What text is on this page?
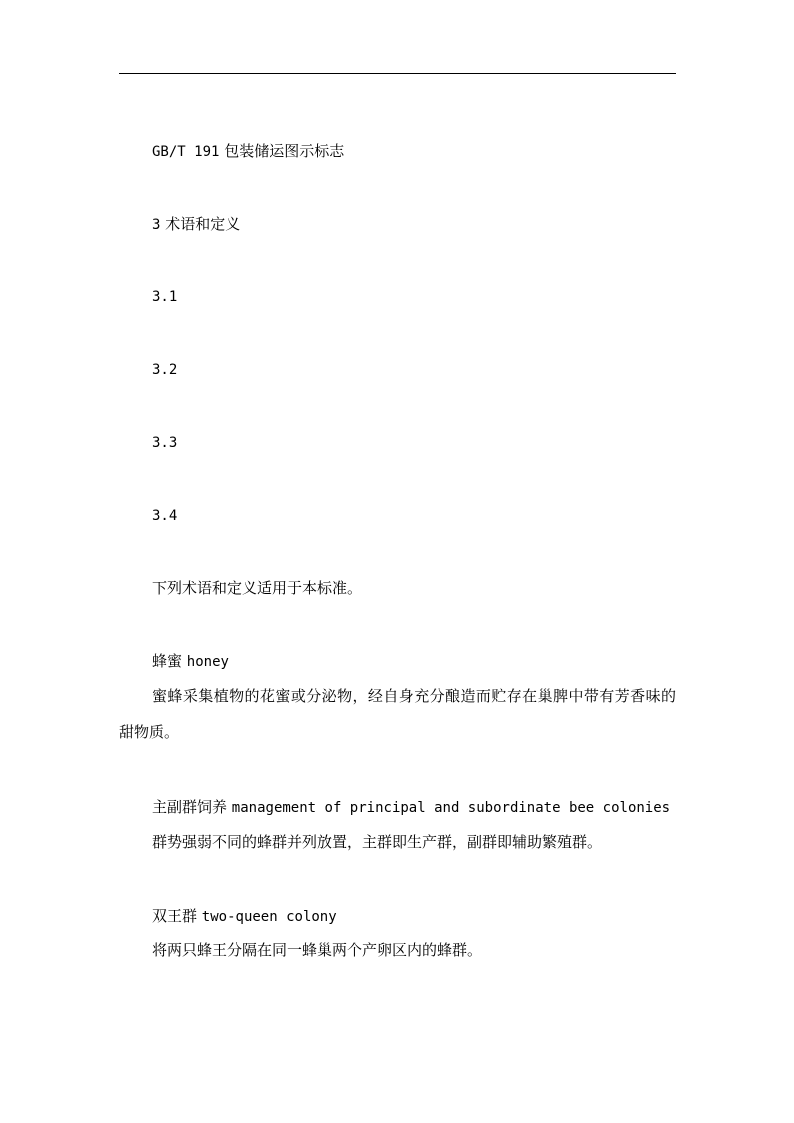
GB/T 191 包装储运图示标志
3 术语和定义
3.1
3.2
3.3
3.4
下列术语和定义适用于本标准。
蜂蜜 honey

蜜蜂采集植物的花蜜或分泌物，经自身充分酿造而贮存在巢脾中带有芳香味的甜物质。

主副群饲养 management of principal and subordinate bee colonies

群势强弱不同的蜂群并列放置，主群即生产群，副群即辅助繁殖群。

双王群 two-queen colony

将两只蜂王分隔在同一蜂巢两个产卵区内的蜂群。
